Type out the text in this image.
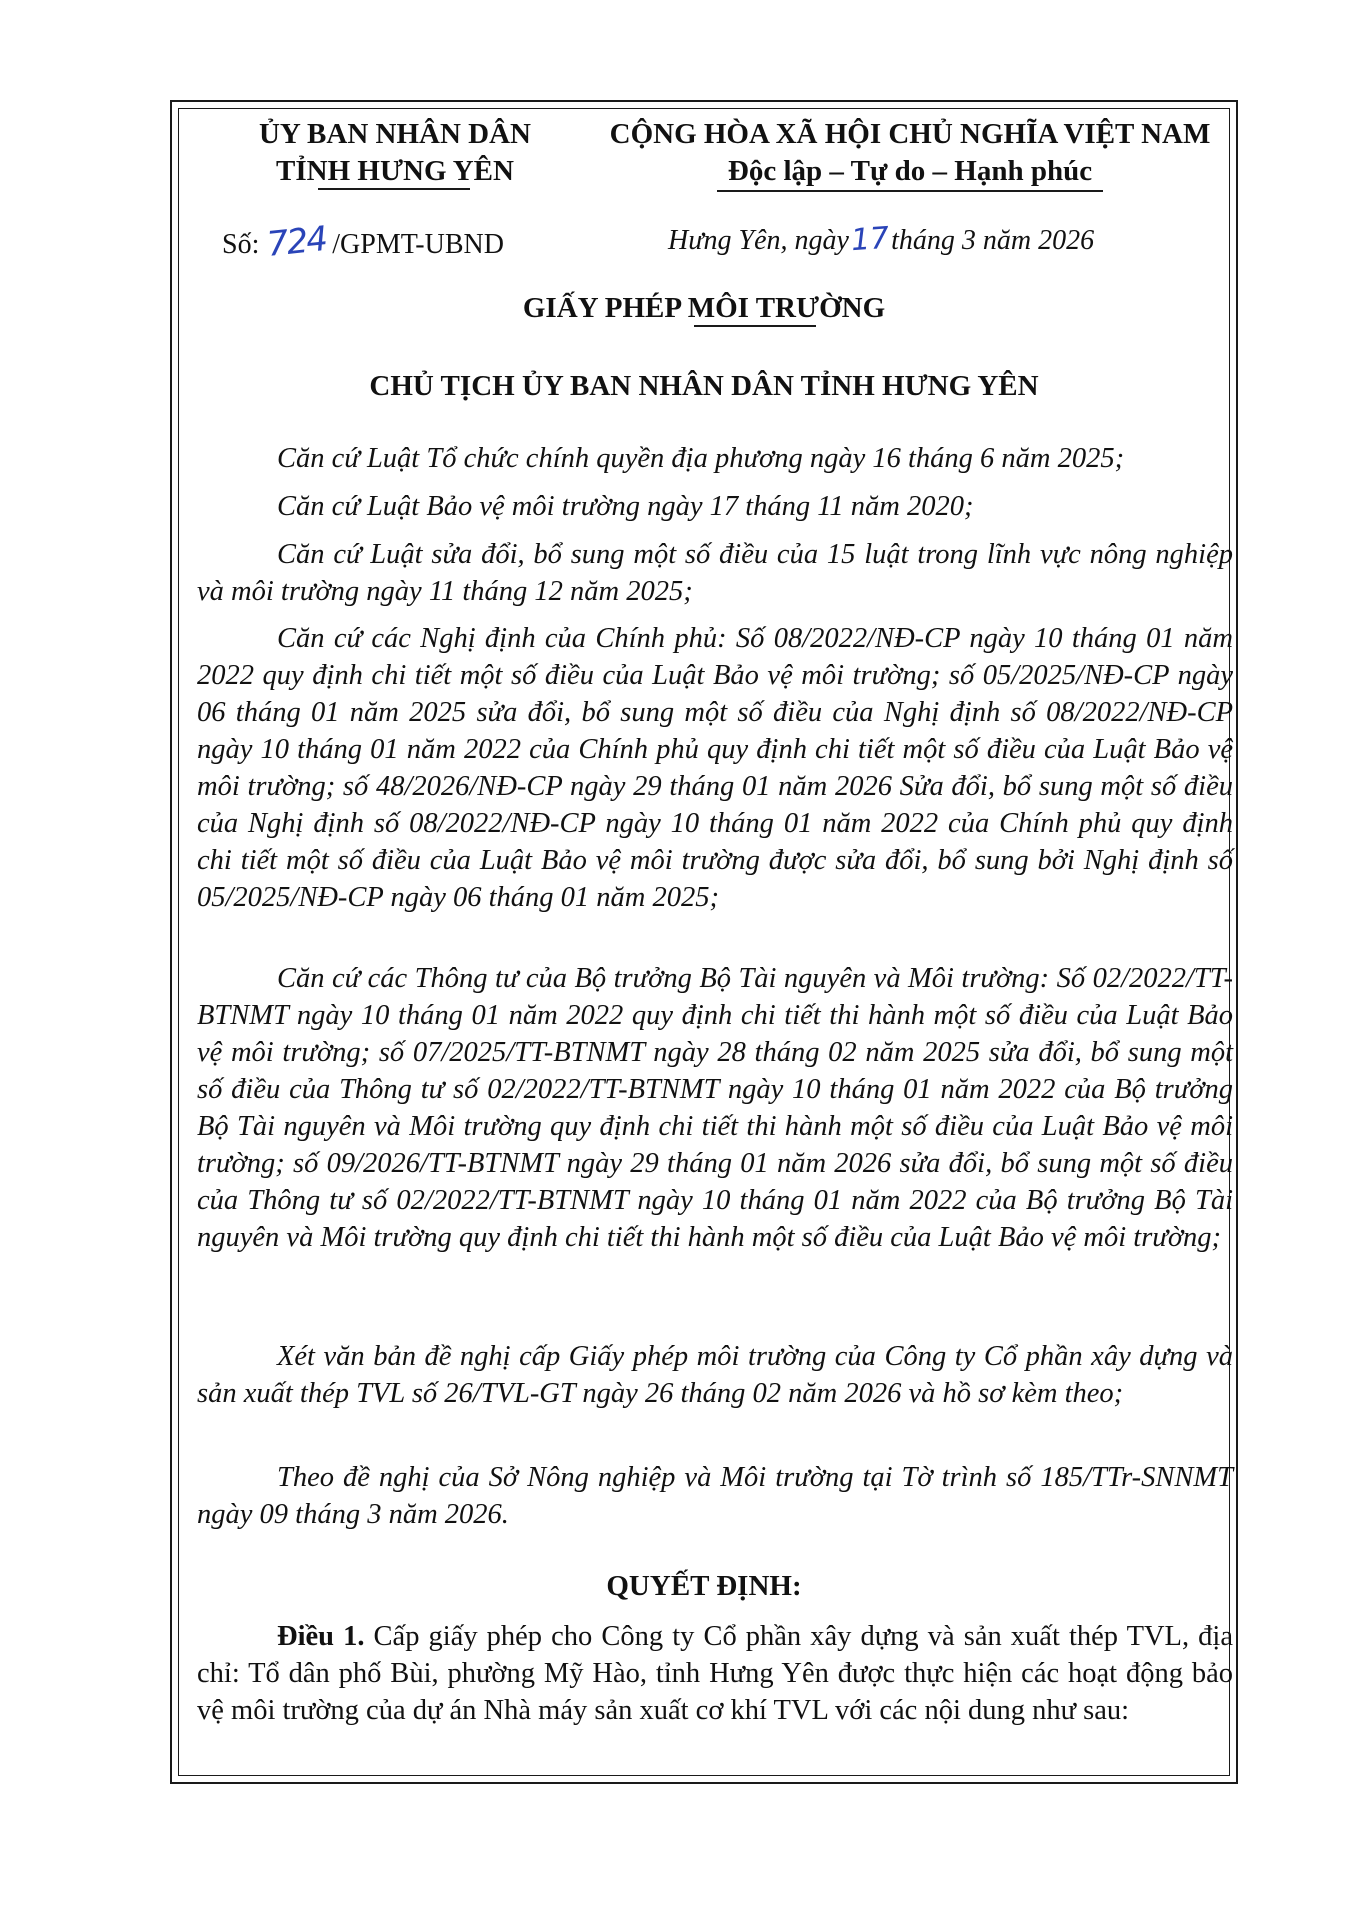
ỦY BAN NHÂN DÂN
TỈNH HƯNG YÊN
CỘNG HÒA XÃ HỘI CHỦ NGHĨA VIỆT NAM
Độc lập – Tự do – Hạnh phúc
Số: 724 /GPMT-UBND	Hưng Yên, ngày17tháng 3 năm 2026
GIẤY PHÉP MÔI TRƯỜNG
CHỦ TỊCH ỦY BAN NHÂN DÂN TỈNH HƯNG YÊN
Căn cứ Luật Tổ chức chính quyền địa phương ngày 16 tháng 6 năm 2025;
Căn cứ Luật Bảo vệ môi trường ngày 17 tháng 11 năm 2020;
Căn cứ Luật sửa đổi, bổ sung một số điều của 15 luật trong lĩnh vực nông nghiệp và môi trường ngày 11 tháng 12 năm 2025;
Căn cứ các Nghị định của Chính phủ: Số 08/2022/NĐ-CP ngày 10 tháng 01 năm 2022 quy định chi tiết một số điều của Luật Bảo vệ môi trường; số 05/2025/NĐ-CP ngày 06 tháng 01 năm 2025 sửa đổi, bổ sung một số điều của Nghị định số 08/2022/NĐ-CP ngày 10 tháng 01 năm 2022 của Chính phủ quy định chi tiết một số điều của Luật Bảo vệ môi trường; số 48/2026/NĐ-CP ngày 29 tháng 01 năm 2026 Sửa đổi, bổ sung một số điều của Nghị định số 08/2022/NĐ-CP ngày 10 tháng 01 năm 2022 của Chính phủ quy định chi tiết một số điều của Luật Bảo vệ môi trường được sửa đổi, bổ sung bởi Nghị định số 05/2025/NĐ-CP ngày 06 tháng 01 năm 2025;
Căn cứ các Thông tư của Bộ trưởng Bộ Tài nguyên và Môi trường: Số 02/2022/TT-BTNMT ngày 10 tháng 01 năm 2022 quy định chi tiết thi hành một số điều của Luật Bảo vệ môi trường; số 07/2025/TT-BTNMT ngày 28 tháng 02 năm 2025 sửa đổi, bổ sung một số điều của Thông tư số 02/2022/TT-BTNMT ngày 10 tháng 01 năm 2022 của Bộ trưởng Bộ Tài nguyên và Môi trường quy định chi tiết thi hành một số điều của Luật Bảo vệ môi trường; số 09/2026/TT-BTNMT ngày 29 tháng 01 năm 2026 sửa đổi, bổ sung một số điều của Thông tư số 02/2022/TT-BTNMT ngày 10 tháng 01 năm 2022 của Bộ trưởng Bộ Tài nguyên và Môi trường quy định chi tiết thi hành một số điều của Luật Bảo vệ môi trường;
Xét văn bản đề nghị cấp Giấy phép môi trường của Công ty Cổ phần xây dựng và sản xuất thép TVL số 26/TVL-GT ngày 26 tháng 02 năm 2026 và hồ sơ kèm theo;
Theo đề nghị của Sở Nông nghiệp và Môi trường tại Tờ trình số 185/TTr-SNNMT ngày 09 tháng 3 năm 2026.
QUYẾT ĐỊNH:
Điều 1. Cấp giấy phép cho Công ty Cổ phần xây dựng và sản xuất thép TVL, địa chỉ: Tổ dân phố Bùi, phường Mỹ Hào, tỉnh Hưng Yên được thực hiện các hoạt động bảo vệ môi trường của dự án Nhà máy sản xuất cơ khí TVL với các nội dung như sau:
